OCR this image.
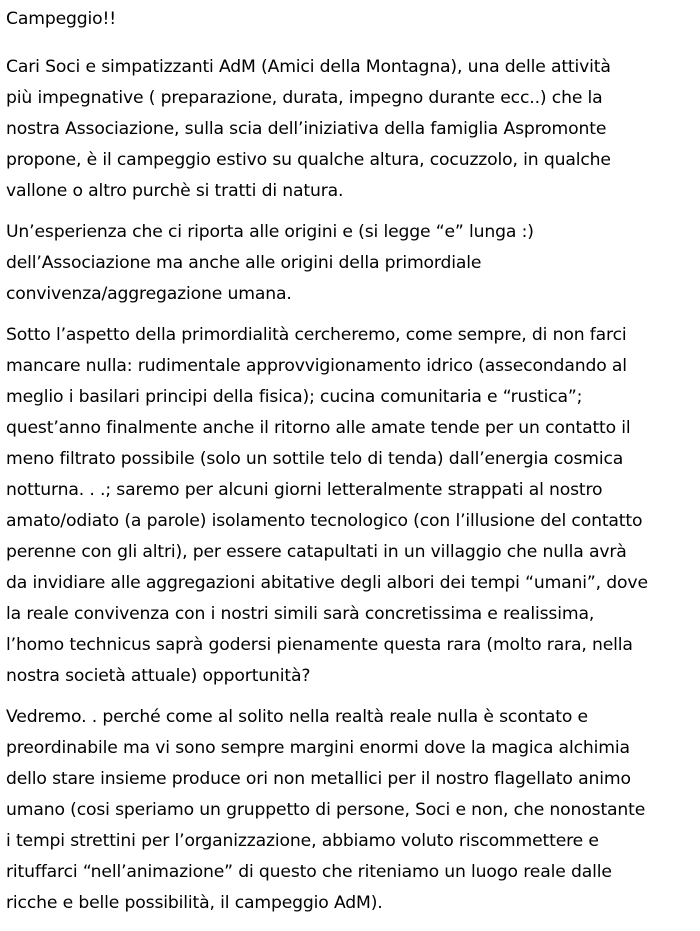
Campeggio!!

Cari Soci e simpatizzanti AdM (Amici della Montagna), una delle attività
più impegnative ( preparazione, durata, impegno durante ecc..) che la
nostra Associazione, sulla scia dell’iniziativa della famiglia Aspromonte
propone, è il campeggio estivo su qualche altura, cocuzzolo, in qualche
vallone o altro purchè si tratti di natura.

Un’esperienza che ci riporta alle origini e (si legge “e” lunga :)
dell’Associazione ma anche alle origini della primordiale
convivenza/aggregazione umana.

Sotto l’aspetto della primordialità cercheremo, come sempre, di non farci
mancare nulla: rudimentale approvvigionamento idrico (assecondando al
meglio i basilari principi della fisica); cucina comunitaria e “rustica”;
quest’anno finalmente anche il ritorno alle amate tende per un contatto il
meno filtrato possibile (solo un sottile telo di tenda) dall’energia cosmica
notturna. . .; saremo per alcuni giorni letteralmente strappati al nostro
amato/odiato (a parole) isolamento tecnologico (con l’illusione del contatto
perenne con gli altri), per essere catapultati in un villaggio che nulla avrà
da invidiare alle aggregazioni abitative degli albori dei tempi “umani”, dove
la reale convivenza con i nostri simili sarà concretissima e realissima,
l’homo technicus saprà godersi pienamente questa rara (molto rara, nella
nostra società attuale) opportunità?

Vedremo. . perché come al solito nella realtà reale nulla è scontato e
preordinabile ma vi sono sempre margini enormi dove la magica alchimia
dello stare insieme produce ori non metallici per il nostro flagellato animo
umano (cosi speriamo un gruppetto di persone, Soci e non, che nonostante
i tempi strettini per l’organizzazione, abbiamo voluto riscommettere e
rituffarci “nell’animazione” di questo che riteniamo un luogo reale dalle
ricche e belle possibilità, il campeggio AdM).
